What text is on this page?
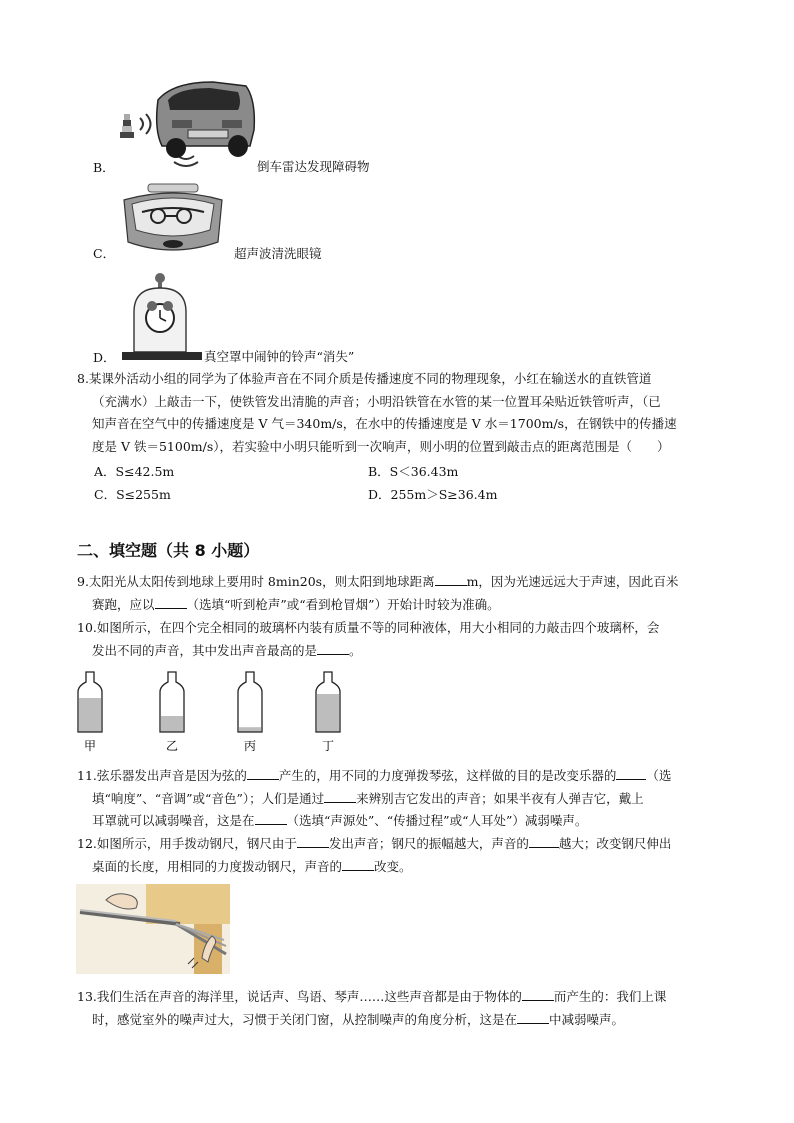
B．	倒车雷达发现障碍物
C．	超声波清洗眼镜
D．	真空罩中闹钟的铃声“消失”
8.某课外活动小组的同学为了体验声音在不同介质是传播速度不同的物理现象，小红在输送水的直铁管道
（充满水）上敲击一下，使铁管发出清脆的声音；小明沿铁管在水管的某一位置耳朵贴近铁管听声，（已
知声音在空气中的传播速度是 V 气＝340m/s，在水中的传播速度是 V 水＝1700m/s，在钢铁中的传播速
度是 V 铁＝5100m/s），若实验中小明只能听到一次响声，则小明的位置到敲击点的距离范围是（　　）
A．S≤42.5m	B．S＜36.43m
C．S≤255m	D．255m＞S≥36.4m
二、填空题（共 8 小题）
9.太阳光从太阳传到地球上要用时 8min20s，则太阳到地球距离	m，因为光速远远大于声速，因此百米
赛跑，应以	（选填“听到枪声”或“看到枪冒烟”）开始计时较为准确。
10.如图所示，在四个完全相同的玻璃杯内装有质量不等的同种液体，用大小相同的力敲击四个玻璃杯，会
发出不同的声音，其中发出声音最高的是	。
甲	乙	丙	丁
11.弦乐器发出声音是因为弦的	产生的，用不同的力度弹拨琴弦，这样做的目的是改变乐器的 （选
填“响度”、“音调”或“音色”）；人们是通过	来辨别吉它发出的声音；如果半夜有人弹吉它，戴上
耳罩就可以减弱噪音，这是在	（选填“声源处”、“传播过程”或“人耳处”）减弱噪声。
12.如图所示，用手拨动钢尺，钢尺由于	发出声音；钢尺的振幅越大，声音的 越大；改变钢尺伸出
桌面的长度，用相同的力度拨动钢尺，声音的	改变。
13.我们生活在声音的海洋里，说话声、鸟语、琴声……这些声音都是由于物体的	而产生的：我们上课
时，感觉室外的噪声过大，习惯于关闭门窗，从控制噪声的角度分析，这是在	中减弱噪声。
